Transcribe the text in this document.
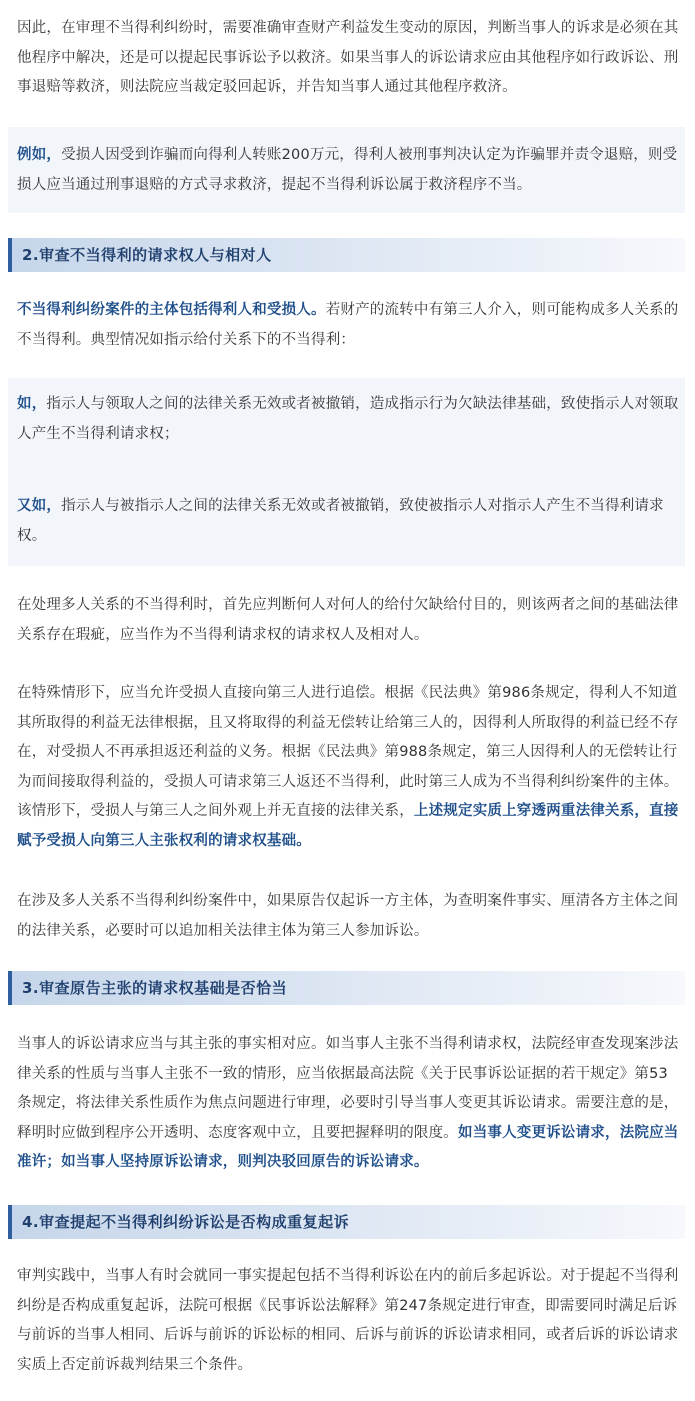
因此，在审理不当得利纠纷时，需要准确审查财产利益发生变动的原因，判断当事人的诉求是必须在其他程序中解决，还是可以提起民事诉讼予以救济。如果当事人的诉讼请求应由其他程序如行政诉讼、刑事退赔等救济，则法院应当裁定驳回起诉，并告知当事人通过其他程序救济。

例如，受损人因受到诈骗而向得利人转账200万元，得利人被刑事判决认定为诈骗罪并责令退赔，则受损人应当通过刑事退赔的方式寻求救济，提起不当得利诉讼属于救济程序不当。

2.审查不当得利的请求权人与相对人

不当得利纠纷案件的主体包括得利人和受损人。若财产的流转中有第三人介入，则可能构成多人关系的不当得利。典型情况如指示给付关系下的不当得利：

如，指示人与领取人之间的法律关系无效或者被撤销，造成指示行为欠缺法律基础，致使指示人对领取人产生不当得利请求权；

又如，指示人与被指示人之间的法律关系无效或者被撤销，致使被指示人对指示人产生不当得利请求权。

在处理多人关系的不当得利时，首先应判断何人对何人的给付欠缺给付目的，则该两者之间的基础法律关系存在瑕疵，应当作为不当得利请求权的请求权人及相对人。

在特殊情形下，应当允许受损人直接向第三人进行追偿。根据《民法典》第986条规定，得利人不知道其所取得的利益无法律根据，且又将取得的利益无偿转让给第三人的，因得利人所取得的利益已经不存在，对受损人不再承担返还利益的义务。根据《民法典》第988条规定，第三人因得利人的无偿转让行为而间接取得利益的，受损人可请求第三人返还不当得利，此时第三人成为不当得利纠纷案件的主体。该情形下，受损人与第三人之间外观上并无直接的法律关系，上述规定实质上穿透两重法律关系，直接赋予受损人向第三人主张权利的请求权基础。

在涉及多人关系不当得利纠纷案件中，如果原告仅起诉一方主体，为查明案件事实、厘清各方主体之间的法律关系，必要时可以追加相关法律主体为第三人参加诉讼。

3.审查原告主张的请求权基础是否恰当

当事人的诉讼请求应当与其主张的事实相对应。如当事人主张不当得利请求权，法院经审查发现案涉法律关系的性质与当事人主张不一致的情形，应当依据最高法院《关于民事诉讼证据的若干规定》第53条规定，将法律关系性质作为焦点问题进行审理，必要时引导当事人变更其诉讼请求。需要注意的是，释明时应做到程序公开透明、态度客观中立，且要把握释明的限度。如当事人变更诉讼请求，法院应当准许；如当事人坚持原诉讼请求，则判决驳回原告的诉讼请求。

4.审查提起不当得利纠纷诉讼是否构成重复起诉

审判实践中，当事人有时会就同一事实提起包括不当得利诉讼在内的前后多起诉讼。对于提起不当得利纠纷是否构成重复起诉，法院可根据《民事诉讼法解释》第247条规定进行审查，即需要同时满足后诉与前诉的当事人相同、后诉与前诉的诉讼标的相同、后诉与前诉的诉讼请求相同，或者后诉的诉讼请求实质上否定前诉裁判结果三个条件。
